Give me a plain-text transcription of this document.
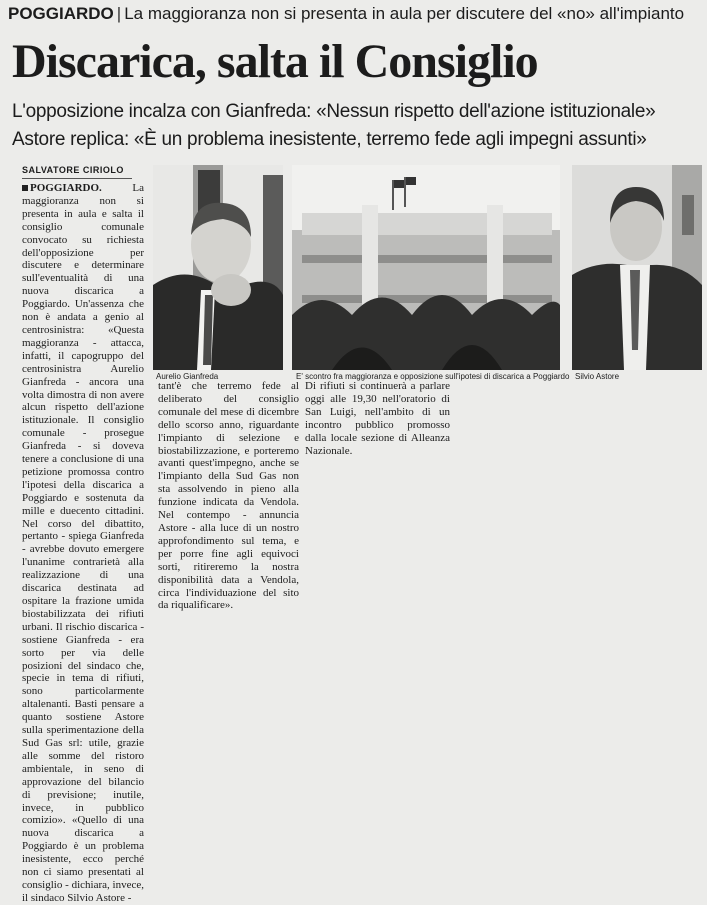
POGGIARDO | La maggioranza non si presenta in aula per discutere del «no» all'impianto
Discarica, salta il Consiglio
L'opposizione incalza con Gianfreda: «Nessun rispetto dell'azione istituzionale»
Astore replica: «È un problema inesistente, terremo fede agli impegni assunti»
SALVATORE CIRIOLO
Aurelio Gianfreda	E' scontro fra maggioranza e opposizione sull'ipotesi di discarica a Poggiardo Silvio Astore

POGGIARDO.	La maggioranza non si presenta in aula e salta il consiglio comunale convocato su richiesta dell'opposizione per discutere e determinare sull'eventualità di una nuova discarica a Poggiardo. Un'assenza che non è andata a genio al centrosinistra: «Questa maggioranza - attacca, infatti, il capogruppo del centrosinistra Aurelio Gianfreda - ancora una volta dimostra di non avere alcun rispetto dell'azione istituzionale. Il consiglio comunale - prosegue Gianfreda - si doveva tenere a conclusione di una petizione promossa contro l'ipotesi della discarica a Poggiardo e sostenuta da mille e duecento cittadini. Nel corso del dibattito, pertanto - spiega Gianfreda - avrebbe dovuto emergere l'unanime contrarietà alla realizzazione di una discarica destinata ad ospitare la frazione umida biostabilizzata dei rifiuti urbani. Il rischio discarica - sostiene Gianfreda - era sorto per via delle posizioni del sindaco che, specie in tema di rifiuti, sono particolarmente altalenanti. Basti pensare a quanto sostiene Astore sulla sperimentazione della Sud Gas srl: utile, grazie alle somme del ristoro ambientale, in seno di approvazione del bilancio di previsione; inutile, invece, in pubblico comizio». «Quello di una nuova discarica a Poggiardo è un problema inesistente, ecco perché non ci siamo presentati al consiglio - dichiara, invece, il sindaco Silvio Astore -

tant'è che terremo fede al deliberato del consiglio comunale del mese di dicembre dello scorso anno, riguardante l'impianto di selezione e biostabilizzazione, e porteremo avanti quest'impegno, anche se l'impianto della Sud Gas non sta assolvendo in pieno alla funzione indicata da Vendola. Nel contempo - annuncia Astore - alla luce di un nostro approfondimento sul tema, e per porre fine agli equivoci sorti, ritireremo la nostra disponibilità data a Vendola, circa l'individuazione del sito da riqualificare».

Di rifiuti si continuerà a parlare oggi alle 19,30 nell'oratorio di San Luigi, nell'ambito di un incontro pubblico promosso dalla locale sezione di Alleanza Nazionale.
